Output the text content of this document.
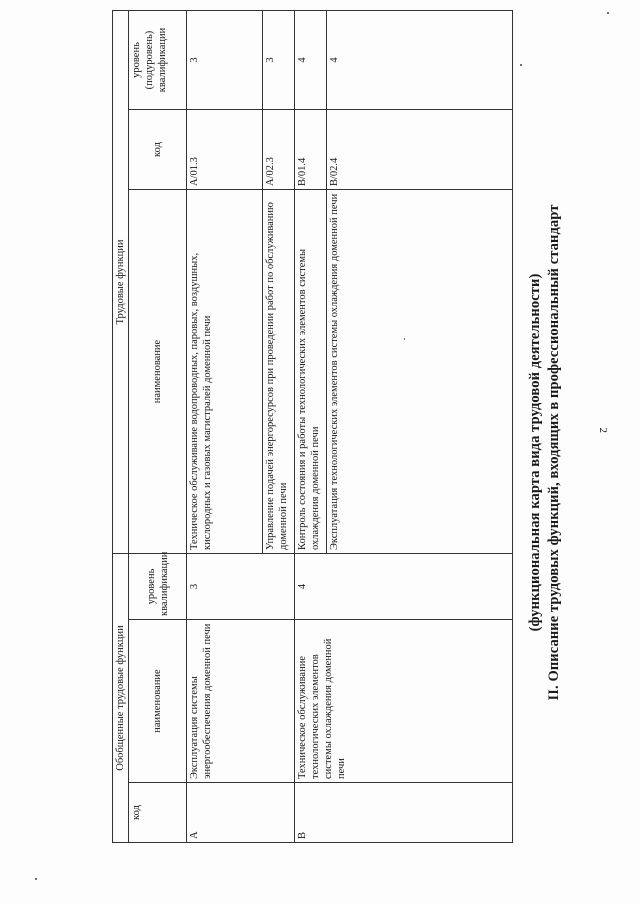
2
II. Описание трудовых функций, входящих в профессиональный стандарт
(функциональная карта вида трудовой деятельности)
Обобщенные трудовые функции			Трудовые функции		
код	наименование	уровень квалификации	наименование	код	уровень (подуровень) квалификации
A	Эксплуатация системы энергообеспечения доменной печи	3	Техническое обслуживание водопроводных, паровых, воздушных, кислородных и газовых магистралей доменной печи	A/01.3	3
			Управление подачей энергоресурсов при проведении работ по обслуживанию доменной печи	A/02.3	3
B	Техническое обслуживание технологических элементов системы охлаждения доменной печи	4	Контроль состояния и работы технологических элементов системы охлаждения доменной печи	B/01.4	4
			Эксплуатация технологических элементов системы охлаждения доменной печи	B/02.4	4
